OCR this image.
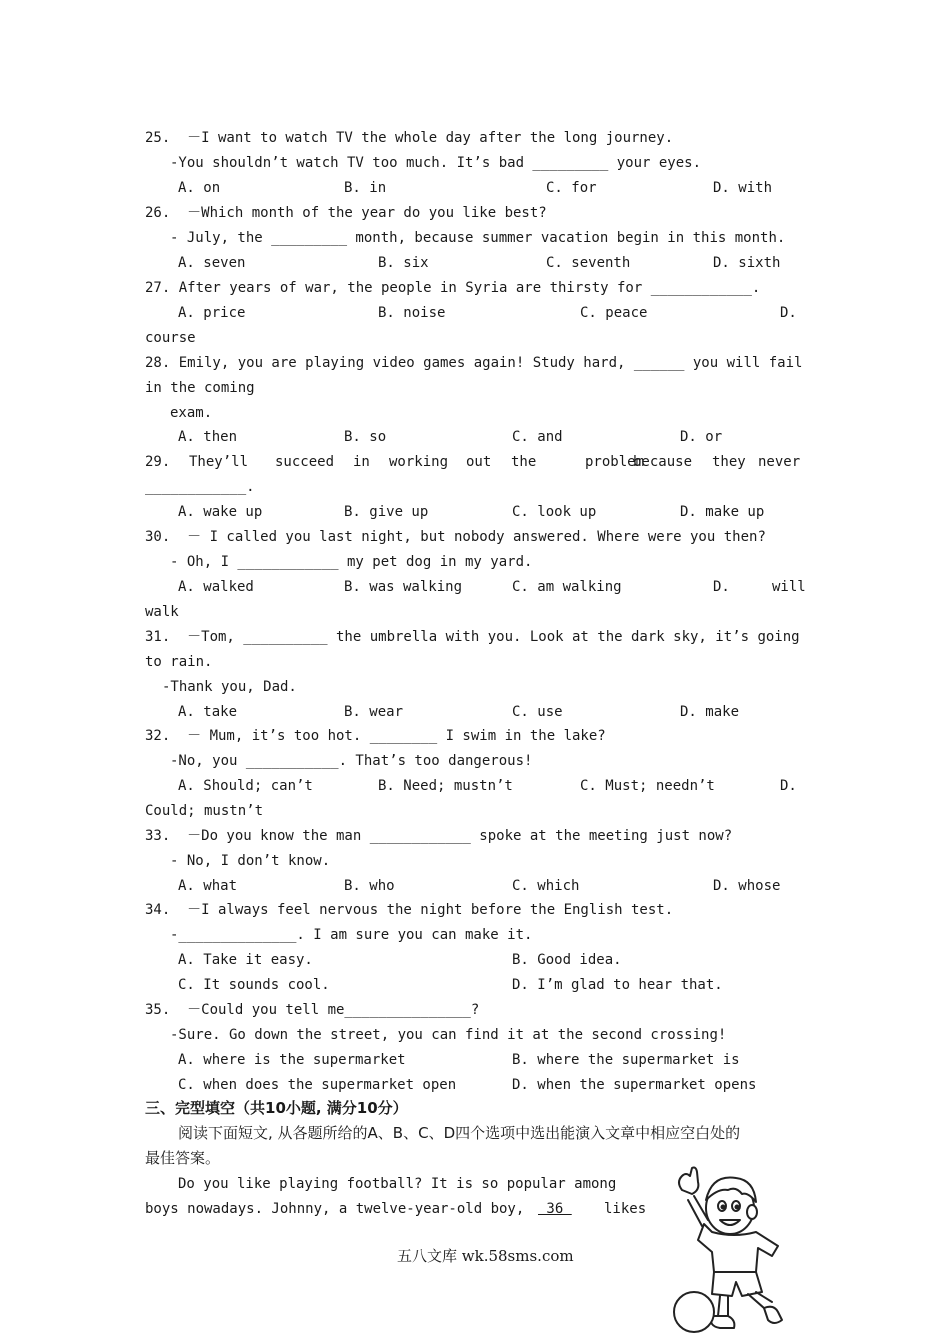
25.  －I want to watch TV the whole day after the long journey.
-You shouldn’t watch TV too much. It’s bad _________ your eyes.
A. on	B. in	C. for	D. with
26.  －Which month of the year do you like best?
- July, the _________ month, because summer vacation begin in this month.
A. seven	B. six	C. seventh	D. sixth
27. After years of war, the people in Syria are thirsty for ____________.
A. price	B. noise	C. peace	D.
course
28. Emily, you are playing video games again! Study hard, ______ you will fail
in the coming
exam.
A. then	B. so	C. and	D. or
29. They’ll succeed in working out the	problem
because they never
____________.
A. wake up	B. give up	C. look up	D. make up
30.  － I called you last night, but nobody answered. Where were you then?
- Oh, I ____________ my pet dog in my yard.
A. walked	B. was walking	C. am walking	D.	will
walk
31.  －Tom, __________ the umbrella with you. Look at the dark sky, it’s going
to rain.
-Thank you, Dad.
A. take	B. wear	C. use	D. make
32.  － Mum, it’s too hot. ________ I swim in the lake?
-No, you ___________. That’s too dangerous!
A. Should; can’t	B. Need; mustn’t	C. Must; needn’t	D.
Could; mustn’t
33.  －Do you know the man ____________ spoke at the meeting just now?
- No, I don’t know.
A. what	B. who	C. which	D. whose
34.  －I always feel nervous the night before the English test.
-______________. I am sure you can make it.
A. Take it easy.	B. Good idea.
C. It sounds cool.	D. I’m glad to hear that.
35.  －Could you tell me_______________?
-Sure. Go down the street, you can find it at the second crossing!
A. where is the supermarket	B. where the supermarket is
C. when does the supermarket open	D. when the supermarket opens
三、完型填空（共10小题, 满分10分）
阅读下面短文, 从各题所给的A、B、C、D四个选项中选出能演入文章中相应空白处的
最佳答案。
Do you like playing football? It is so popular among
boys nowadays. Johnny, a twelve-year-old boy, 36 likes
五八文库 wk.58sms.com
